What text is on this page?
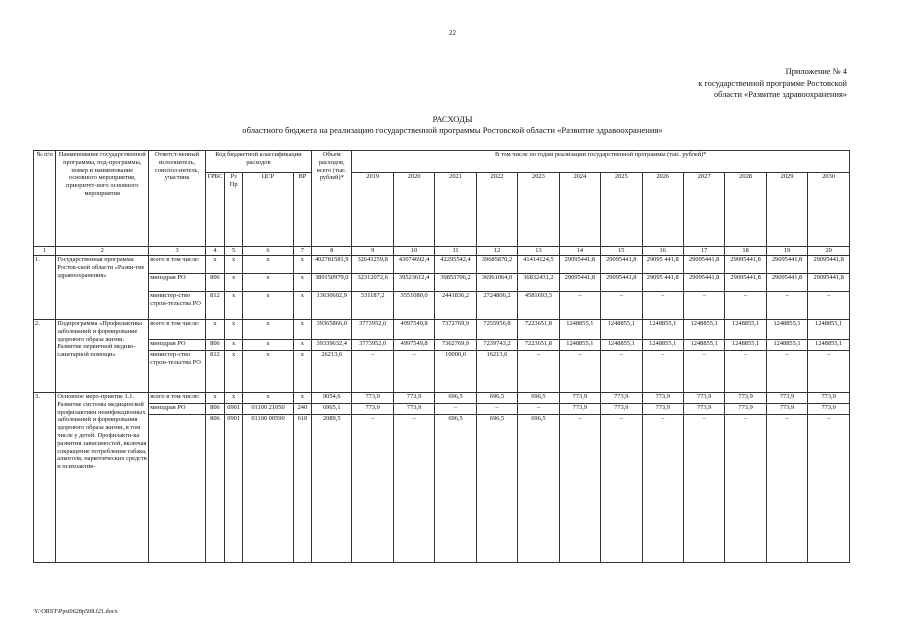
22
Приложение № 4
к государственной программе Ростовской
области «Развитие здравоохранения»
РАСХОДЫ
областного бюджета на реализацию государственной программы Ростовской области «Развитие здравоохранения»
№ п/п	Наименование государственной программы, под-программы, номер и наименование основного мероприятия, приоритет-ного основного мероприятия	Ответст-венный исполнитель, соиспол-нитель, участник	Код бюджетной классификации расходов				Объем расходов, всего (тыс. рублей)*	В том числе по годам реализации государственной программы (тыс. рублей)*											
			ГРБС	Рз Пр	ЦСР	ВР		2019	2020	2021	2022	2023	2024	2025	2026	2027	2028	2029	2030
1	2	3	4	5	6	7	8	9	10	11	12	13	14	15	16	17	18	19	20
1.	Государственная программа Ростов-ской области «Разви-тие здравоохранения»	всего в том числе:	х	х	х	х	402781581,9	32643259,8	43074692,4	42295542,4	39685870,2	41414124,5	29095441,8	29095441,8	29095 441,8	29095441,8	29095441,8	29095441,8	29095441,8
		минздрав РО	806	х	х	х	389150979,0	32312072,6	39523612,4	39853706,2	36961064,0	36832431,2	29095441,8	29095441,8	29095 441,8	29095441,8	29095441,8	29095441,8	29095441,8
		министер-ство строи-тельства РО	812	х	х	х	13630602,9	331187,2	3551080,0	2441836,2	2724806,2	4581693,3	–	–	–	–	–	–	–
2.	Подпрограмма «Профилактика заболеваний и формирование здорового образа жизни. Развитие первичной медико-санитарной помощи»	всего в том числе:	х	х	х	х	39365866,0	3773952,0	4997549,8	7372769,9	7255956,8	7223651,8	1248855,1	1248855,1	1248855,1	1248855,1	1248855,1	1248855,1	1248855,1
		минздрав РО	806	х	х	х	39339632,4	3773952,0	4997549,8	7362769,9	7239743,2	7223651,8	1248855,1	1248855,1	1248855,1	1248855,1	1248855,1	1248855,1	1248855,1
		министер-ство строи-тельства РО	812	х	х	х	26213,6	–	–	10000,0	16213,6	–	–	–	–	–	–	–	–
3.	Основное меро-приятие 1.1. Развитие системы медицинской профилактики неинфекционных заболеваний и формирования здорового образа жизни, в том числе у детей. Профилакти-ка развития зависимостей, включая сокращение потребления табака, алкоголя, наркотических средств и психоактив-	всего в том числе:	х	х	х	х	9054,6	773,9	773,9	696,5	696,5	696,5	773,9	773,9	773,9	773,9	773,9	773,9	773,9
		минздрав РО	806	0901	01100 21050	240	6965,1	773,9	773,9	–	–	–	773,9	773,9	773,9	773,9	773,9	773,9	773,9
			806	0901	01100 00590	610	2089,5	–	–	696,5	696,5	696,5	–	–	–	–	–	–	–
Y:\ORST\Ppsi0628p508.f21.docx
